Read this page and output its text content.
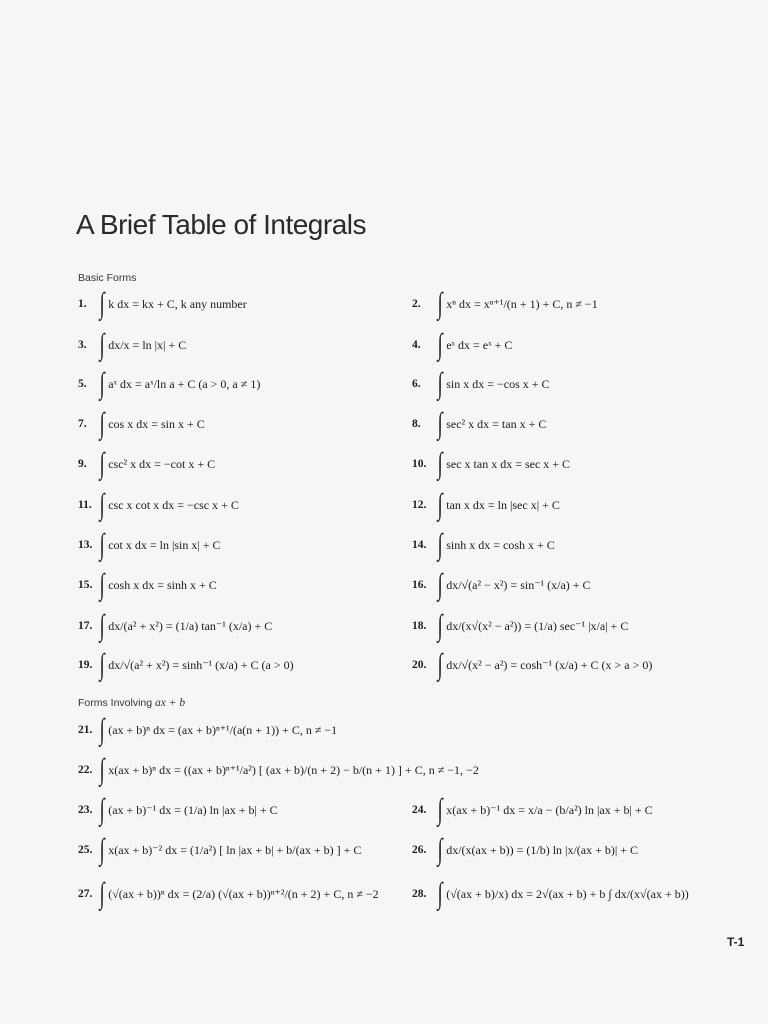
A Brief Table of Integrals
Basic Forms
1. ∫ k dx = kx + C, k any number	2. ∫ xⁿ dx = xⁿ⁺¹/(n + 1) + C, n ≠ −1
3. ∫ dx/x = ln |x| + C	4. ∫ eˣ dx = eˣ + C
5. ∫ aˣ dx = aˣ/ln a + C (a > 0, a ≠ 1)	6. ∫ sin x dx = −cos x + C
7. ∫ cos x dx = sin x + C	8. ∫ sec² x dx = tan x + C
9. ∫ csc² x dx = −cot x + C	10. ∫ sec x tan x dx = sec x + C
11. ∫ csc x cot x dx = −csc x + C	12. ∫ tan x dx = ln |sec x| + C
13. ∫ cot x dx = ln |sin x| + C	14. ∫ sinh x dx = cosh x + C
15. ∫ cosh x dx = sinh x + C	16. ∫ dx/√(a² − x²) = sin⁻¹ (x/a) + C
17. ∫ dx/(a² + x²) = (1/a) tan⁻¹ (x/a) + C	18. ∫ dx/(x√(x² − a²)) = (1/a) sec⁻¹ |x/a| + C
19. ∫ dx/√(a² + x²) = sinh⁻¹ (x/a) + C (a > 0)	20. ∫ dx/√(x² − a²) = cosh⁻¹ (x/a) + C (x > a > 0)
Forms Involving ax + b
21. ∫ (ax + b)ⁿ dx = (ax + b)ⁿ⁺¹/(a(n + 1)) + C, n ≠ −1
22. ∫ x(ax + b)ⁿ dx = ((ax + b)ⁿ⁺¹/a²) [ (ax + b)/(n + 2) − b/(n + 1) ] + C, n ≠ −1, −2
23. ∫ (ax + b)⁻¹ dx = (1/a) ln |ax + b| + C	24. ∫ x(ax + b)⁻¹ dx = x/a − (b/a²) ln |ax + b| + C
25. ∫ x(ax + b)⁻² dx = (1/a²) [ ln |ax + b| + b/(ax + b) ] + C	26. ∫ dx/(x(ax + b)) = (1/b) ln |x/(ax + b)| + C
27. ∫ (√(ax + b))ⁿ dx = (2/a) (√(ax + b))ⁿ⁺²/(n + 2) + C, n ≠ −2	28. ∫ (√(ax + b)/x) dx = 2√(ax + b) + b ∫ dx/(x√(ax + b))
T-1
